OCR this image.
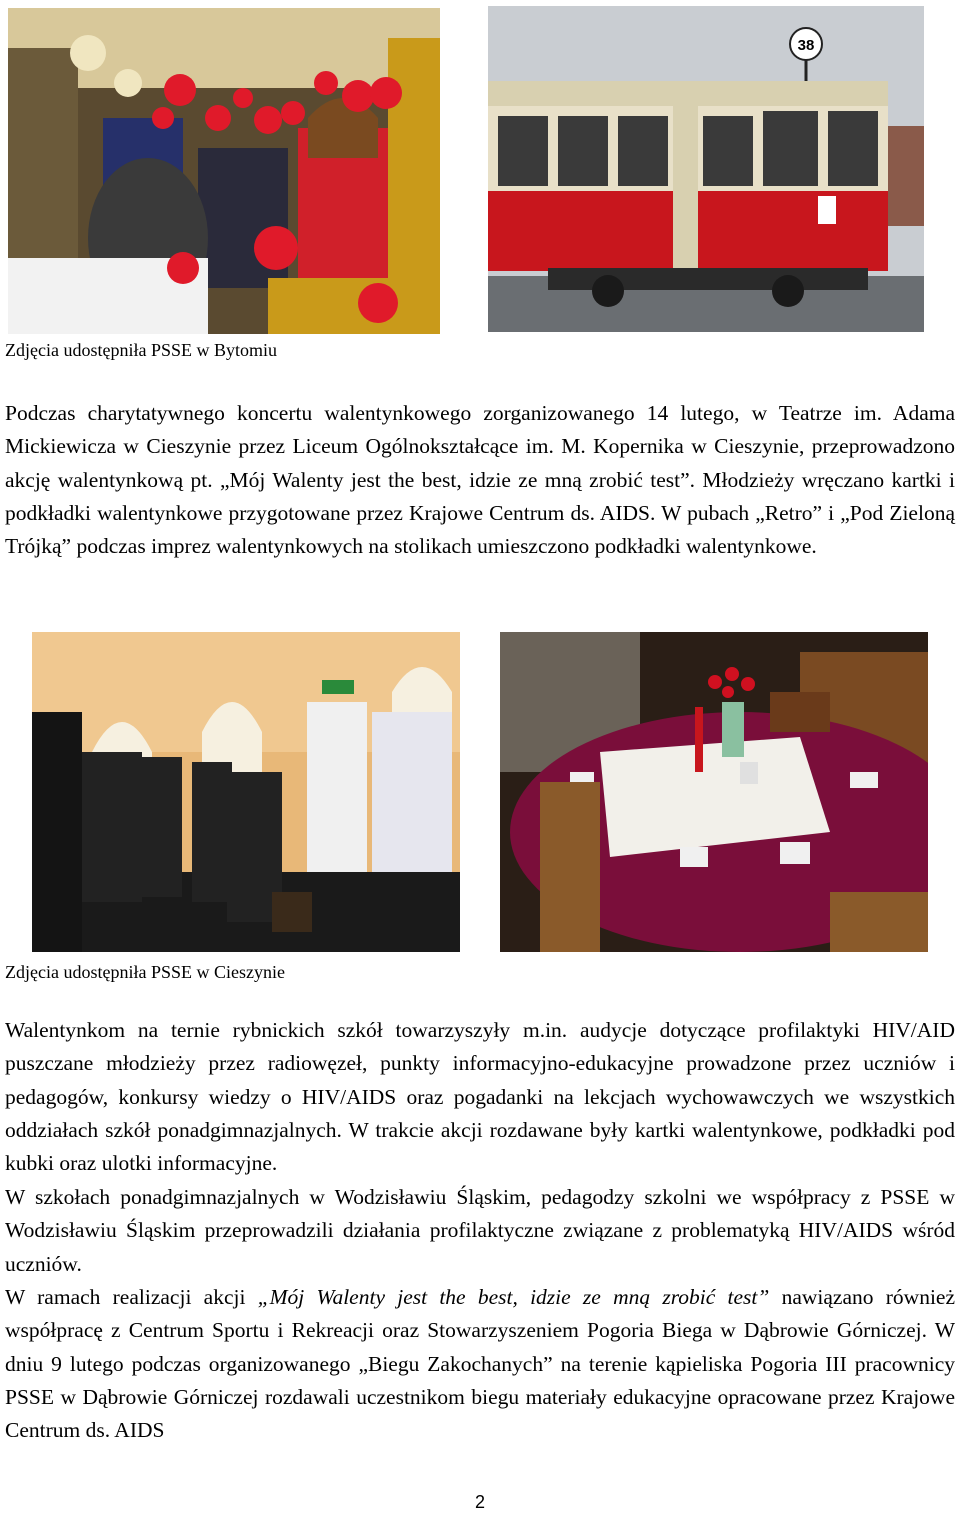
38
Zdjęcia udostępniła PSSE w Bytomiu

Podczas charytatywnego koncertu walentynkowego zorganizowanego 14 lutego, w Teatrze im. Adama Mickiewicza w Cieszynie przez Liceum Ogólnokształcące im. M. Kopernika w Cieszynie, przeprowadzono akcję walentynkową pt. „Mój Walenty jest the best, idzie ze mną zrobić test”. Młodzieży wręczano kartki i podkładki walentynkowe przygotowane przez Krajowe Centrum ds. AIDS. W pubach „Retro” i „Pod Zieloną Trójką” podczas imprez walentynkowych na stolikach umieszczono podkładki walentynkowe.

Zdjęcia udostępniła PSSE w Cieszynie

Walentynkom na ternie rybnickich szkół towarzyszyły m.in. audycje dotyczące profilaktyki HIV/AID puszczane młodzieży przez radiowęzeł, punkty informacyjno-edukacyjne prowadzone przez uczniów i pedagogów, konkursy wiedzy o HIV/AIDS oraz pogadanki na lekcjach wychowawczych we wszystkich oddziałach szkół ponadgimnazjalnych. W trakcie akcji rozdawane były kartki walentynkowe, podkładki pod kubki oraz ulotki informacyjne.

W szkołach ponadgimnazjalnych w Wodzisławiu Śląskim, pedagodzy szkolni we współpracy z PSSE w Wodzisławiu Śląskim przeprowadzili działania profilaktyczne związane z problematyką HIV/AIDS wśród uczniów.

W ramach realizacji akcji „Mój Walenty jest the best, idzie ze mną zrobić test” nawiązano również współpracę z Centrum Sportu i Rekreacji oraz Stowarzyszeniem Pogoria Biega w Dąbrowie Górniczej. W dniu 9 lutego podczas organizowanego „Biegu Zakochanych” na terenie kąpieliska Pogoria III pracownicy PSSE w Dąbrowie Górniczej rozdawali uczestnikom biegu materiały edukacyjne opracowane przez Krajowe Centrum ds. AIDS

2
